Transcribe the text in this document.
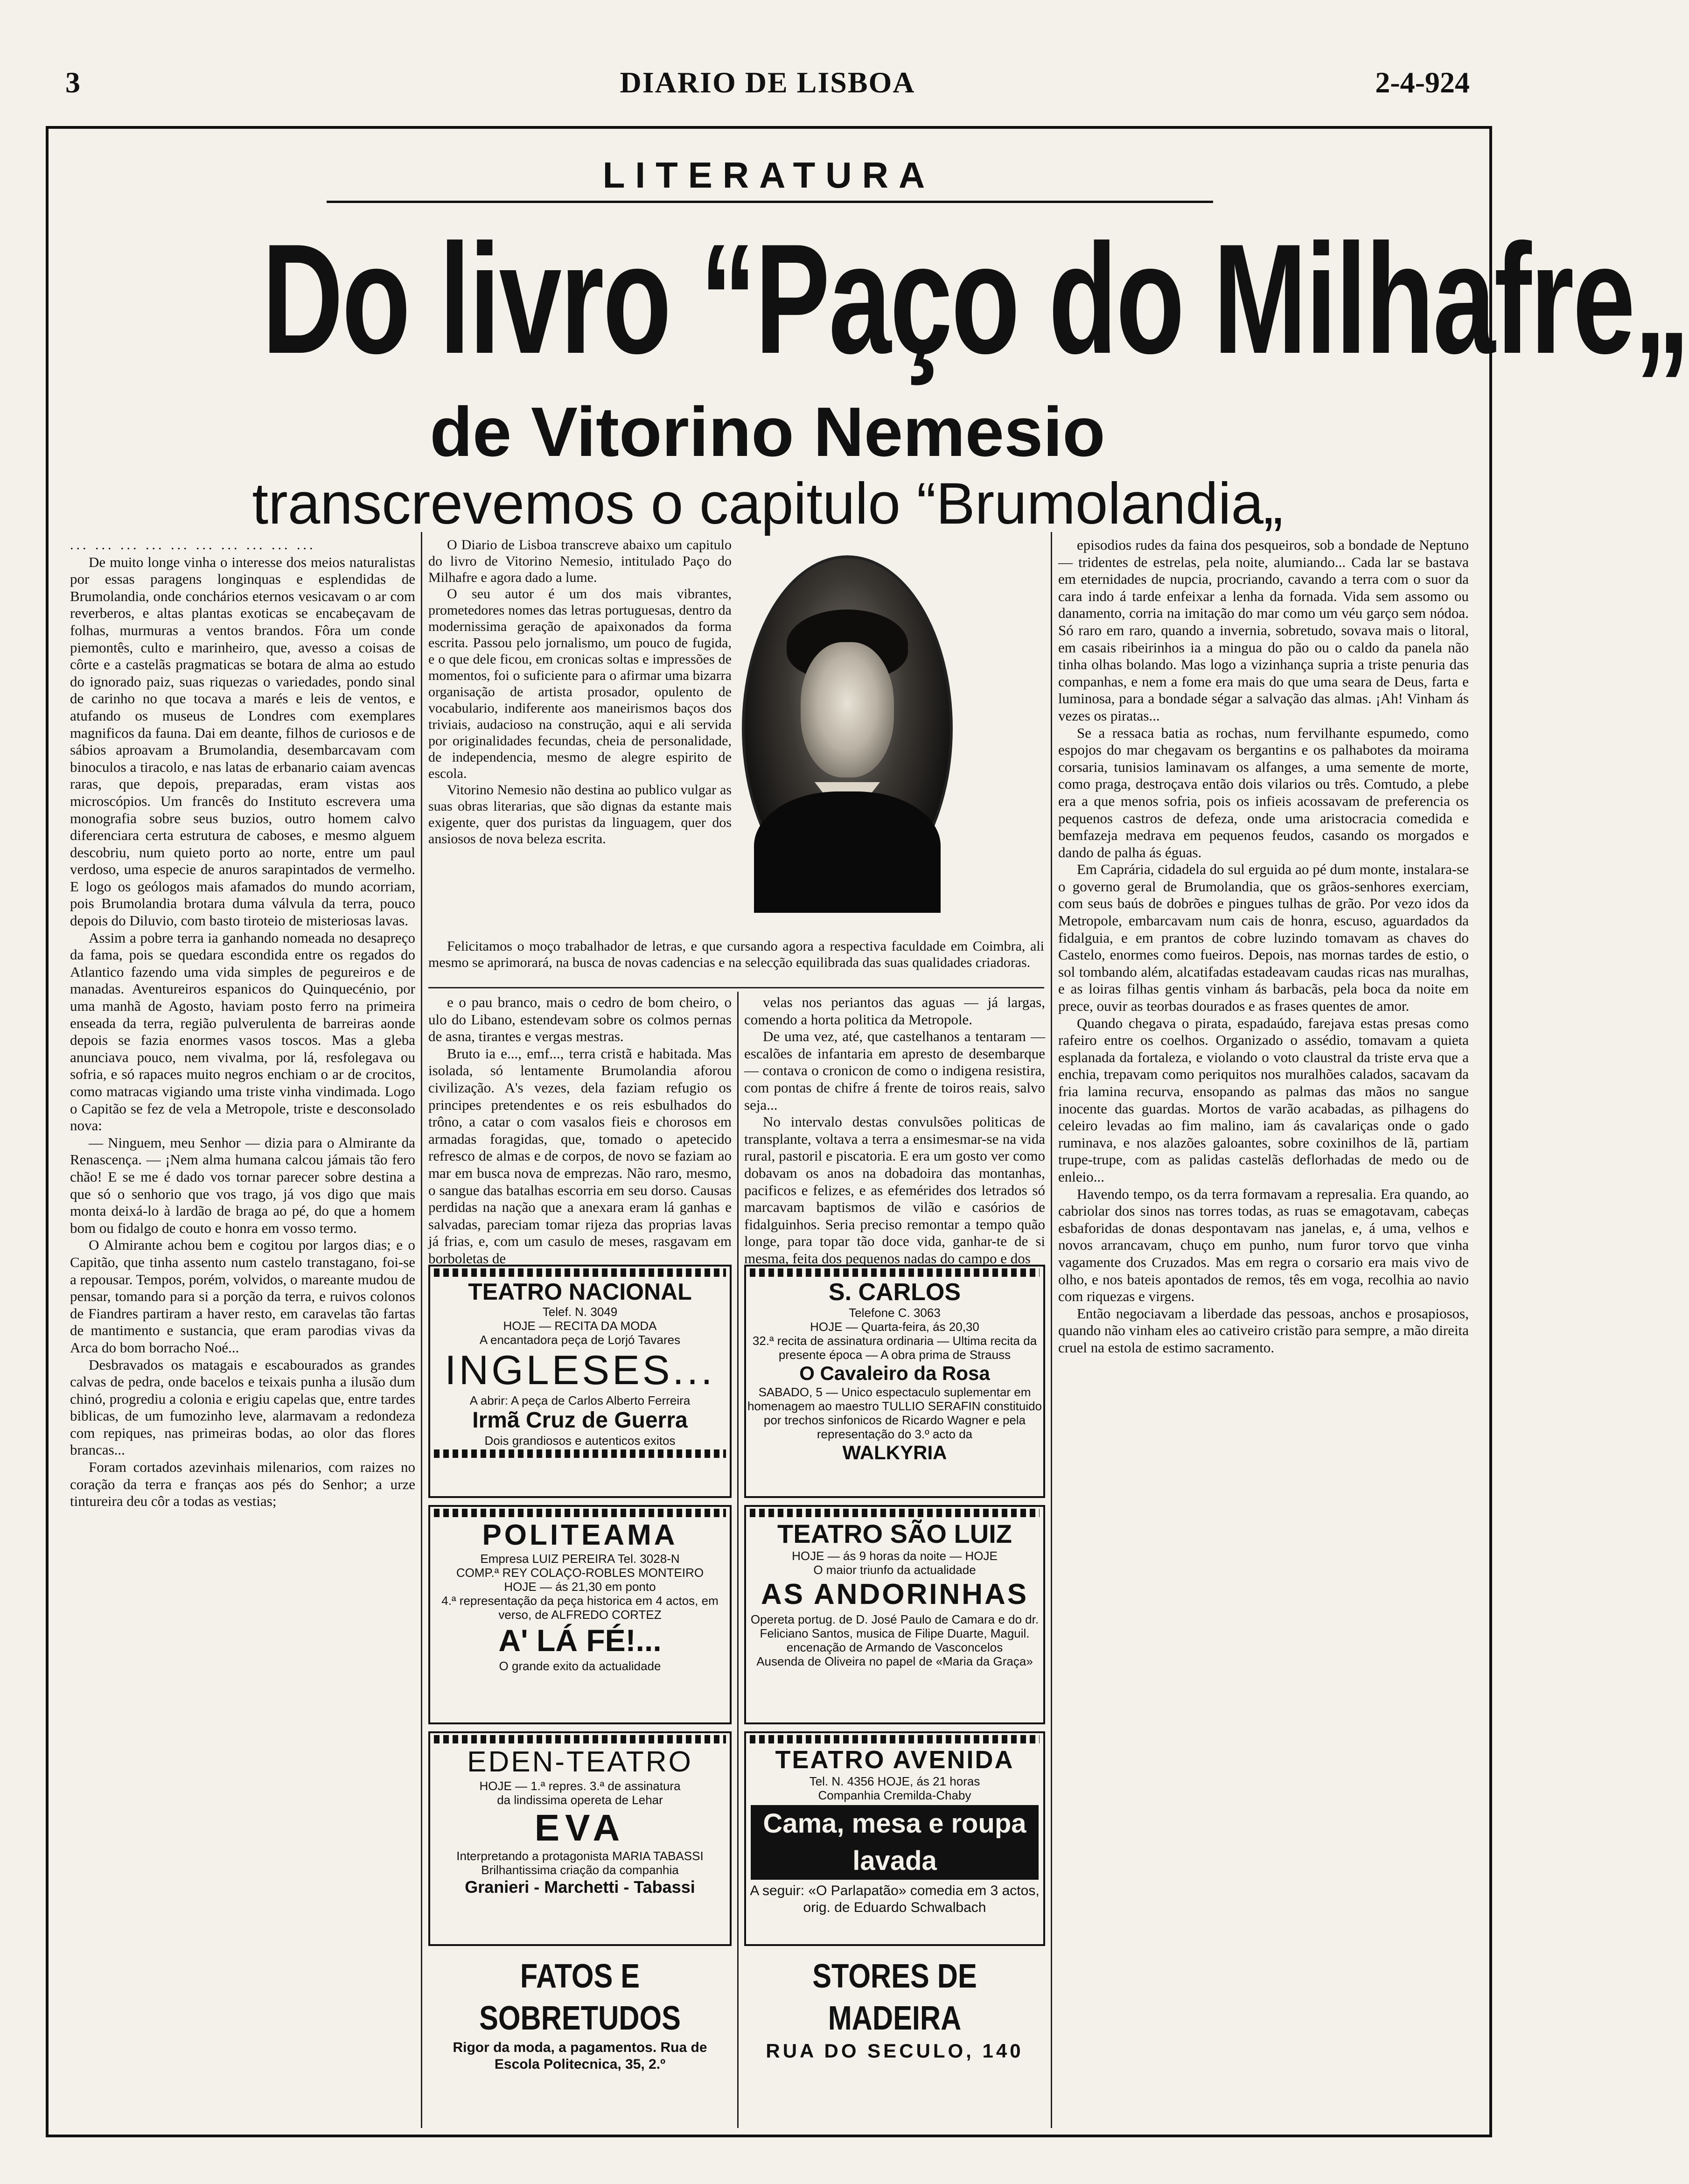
3	DIARIO DE LISBOA	2-4-924
LITERATURA
Do livro “Paço do Milhafre„
de Vitorino Nemesio
transcrevemos o capitulo “Brumolandia„
... ... ... ... ... ... ... ... ... ...

De muito longe vinha o interesse dos meios naturalistas por essas paragens longinquas e esplendidas de Brumolandia, onde conchários eternos vesicavam o ar com reverberos, e altas plantas exoticas se encabeçavam de folhas, murmuras a ventos brandos. Fôra um conde piemontês, culto e marinheiro, que, avesso a coisas de côrte e a castelãs pragmaticas se botara de alma ao estudo do ignorado paiz, suas riquezas o variedades, pondo sinal de carinho no que tocava a marés e leis de ventos, e atufando os museus de Londres com exemplares magnificos da fauna. Dai em deante, filhos de curiosos e de sábios aproavam a Brumolandia, desembarcavam com binoculos a tiracolo, e nas latas de erbanario caiam avencas raras, que depois, preparadas, eram vistas aos microscópios. Um francês do Instituto escrevera uma monografia sobre seus buzios, outro homem calvo diferenciara certa estrutura de caboses, e mesmo alguem descobriu, num quieto porto ao norte, entre um paul verdoso, uma especie de anuros sarapintados de vermelho. E logo os geólogos mais afamados do mundo acorriam, pois Brumolandia brotara duma válvula da terra, pouco depois do Diluvio, com basto tiroteio de misteriosas lavas.

Assim a pobre terra ia ganhando nomeada no desapreço da fama, pois se quedara escondida entre os regados do Atlantico fazendo uma vida simples de pegureiros e de manadas. Aventureiros espanicos do Quinquecénio, por uma manhã de Agosto, haviam posto ferro na primeira enseada da terra, região pulverulenta de barreiras aonde depois se fazia enormes vasos toscos. Mas a gleba anunciava pouco, nem vivalma, por lá, resfolegava ou sofria, e só rapaces muito negros enchiam o ar de crocitos, como matracas vigiando uma triste vinha vindimada. Logo o Capitão se fez de vela a Metropole, triste e desconsolado nova:

— Ninguem, meu Senhor — dizia para o Almirante da Renascença. — ¡Nem alma humana calcou jámais tão fero chão! E se me é dado vos tornar parecer sobre destina a que só o senhorio que vos trago, já vos digo que mais monta deixá-lo à lardão de braga ao pé, do que a homem bom ou fidalgo de couto e honra em vosso termo.

O Almirante achou bem e cogitou por largos dias; e o Capitão, que tinha assento num castelo transtagano, foi-se a repousar. Tempos, porém, volvidos, o mareante mudou de pensar, tomando para si a porção da terra, e ruivos colonos de Fiandres partiram a haver resto, em caravelas tão fartas de mantimento e sustancia, que eram parodias vivas da Arca do bom borracho Noé...

Desbravados os matagais e escabourados as grandes calvas de pedra, onde bacelos e teixais punha a ilusão dum chinó, progrediu a colonia e erigiu capelas que, entre tardes biblicas, de um fumozinho leve, alarmavam a redondeza com repiques, nas primeiras bodas, ao olor das flores brancas...

Foram cortados azevinhais milenarios, com raizes no coração da terra e franças aos pés do Senhor; a urze tintureira deu côr a todas as vestias;

O Diario de Lisboa transcreve abaixo um capitulo do livro de Vitorino Nemesio, intitulado Paço do Milhafre e agora dado a lume.

O seu autor é um dos mais vibrantes, prometedores nomes das letras portuguesas, dentro da modernissima geração de apaixonados da forma escrita. Passou pelo jornalismo, um pouco de fugida, e o que dele ficou, em cronicas soltas e impressões de momentos, foi o suficiente para o afirmar uma bizarra organisação de artista prosador, opulento de vocabulario, indiferente aos maneirismos baços dos triviais, audacioso na construção, aqui e ali servida por originalidades fecundas, cheia de personalidade, de independencia, mesmo de alegre espirito de escola.

Vitorino Nemesio não destina ao publico vulgar as suas obras literarias, que são dignas da estante mais exigente, quer dos puristas da linguagem, quer dos ansiosos de nova beleza escrita.

Felicitamos o moço trabalhador de letras, e que cursando agora a respectiva faculdade em Coimbra, ali mesmo se aprimorará, na busca de novas cadencias e na selecção equilibrada das suas qualidades criadoras.

e o pau branco, mais o cedro de bom cheiro, o ulo do Libano, estendevam sobre os colmos pernas de asna, tirantes e vergas mestras.

Bruto ia e..., emf..., terra cristã e habitada. Mas isolada, só lentamente Brumolandia aforou civilização. A's vezes, dela faziam refugio os principes pretendentes e os reis esbulhados do trôno, a catar o com vasalos fieis e chorosos em armadas foragidas, que, tomado o apetecido refresco de almas e de corpos, de novo se faziam ao mar em busca nova de emprezas. Não raro, mesmo, o sangue das batalhas escorria em seu dorso. Causas perdidas na nação que a anexara eram lá ganhas e salvadas, pareciam tomar rijeza das proprias lavas já frias, e, com um casulo de meses, rasgavam em borboletas de

velas nos periantos das aguas — já largas, comendo a horta politica da Metropole.

De uma vez, até, que castelhanos a tentaram — escalões de infantaria em apresto de desembarque — contava o cronicon de como o indigena resistira, com pontas de chifre á frente de toiros reais, salvo seja...

No intervalo destas convulsões politicas de transplante, voltava a terra a ensimesmar-se na vida rural, pastoril e piscatoria. E era um gosto ver como dobavam os anos na dobadoira das montanhas, pacificos e felizes, e as efemérides dos letrados só marcavam baptismos de vilão e casórios de fidalguinhos. Seria preciso remontar a tempo quão longe, para topar tão doce vida, ganhar-te de si mesma, feita dos pequenos nadas do campo e dos

episodios rudes da faina dos pesqueiros, sob a bondade de Neptuno — tridentes de estrelas, pela noite, alumiando... Cada lar se bastava em eternidades de nupcia, procriando, cavando a terra com o suor da cara indo á tarde enfeixar a lenha da fornada. Vida sem assomo ou danamento, corria na imitação do mar como um véu garço sem nódoa. Só raro em raro, quando a invernia, sobretudo, sovava mais o litoral, em casais ribeirinhos ia a mingua do pão ou o caldo da panela não tinha olhas bolando. Mas logo a vizinhança supria a triste penuria das companhas, e nem a fome era mais do que uma seara de Deus, farta e luminosa, para a bondade ségar a salvação das almas. ¡Ah! Vinham ás vezes os piratas...

Se a ressaca batia as rochas, num fervilhante espumedo, como espojos do mar chegavam os bergantins e os palhabotes da moirama corsaria, tunisios laminavam os alfanges, a uma semente de morte, como praga, destroçava então dois vilarios ou três. Comtudo, a plebe era a que menos sofria, pois os infieis acossavam de preferencia os pequenos castros de defeza, onde uma aristocracia comedida e bemfazeja medrava em pequenos feudos, casando os morgados e dando de palha ás éguas.

Em Caprária, cidadela do sul erguida ao pé dum monte, instalara-se o governo geral de Brumolandia, que os grãos-senhores exerciam, com seus baús de dobrões e pingues tulhas de grão. Por vezo idos da Metropole, embarcavam num cais de honra, escuso, aguardados da fidalguia, e em prantos de cobre luzindo tomavam as chaves do Castelo, enormes como fueiros. Depois, nas mornas tardes de estio, o sol tombando além, alcatifadas estadeavam caudas ricas nas muralhas, e as loiras filhas gentis vinham ás barbacãs, pela boca da noite em prece, ouvir as teorbas dourados e as frases quentes de amor.

Quando chegava o pirata, espadaúdo, farejava estas presas como rafeiro entre os coelhos. Organizado o assédio, tomavam a quieta esplanada da fortaleza, e violando o voto claustral da triste erva que a enchia, trepavam como periquitos nos muralhões calados, sacavam da fria lamina recurva, ensopando as palmas das mãos no sangue inocente das guardas. Mortos de varão acabadas, as pilhagens do celeiro levadas ao fim malino, iam ás cavalariças onde o gado ruminava, e nos alazões galoantes, sobre coxinilhos de lã, partiam trupe-trupe, com as palidas castelãs deflorhadas de medo ou de enleio...

Havendo tempo, os da terra formavam a represalia. Era quando, ao cabriolar dos sinos nas torres todas, as ruas se emagotavam, cabeças esbaforidas de donas despontavam nas janelas, e, á uma, velhos e novos arrancavam, chuço em punho, num furor torvo que vinha vagamente dos Cruzados. Mas em regra o corsario era mais vivo de olho, e nos bateis apontados de remos, tês em voga, recolhia ao navio com riquezas e virgens.

Então negociavam a liberdade das pessoas, anchos e prosapiosos, quando não vinham eles ao cativeiro cristão para sempre, a mão direita cruel na estola de estimo sacramento.

TEATRO NACIONAL
Telef. N. 3049
HOJE — RECITA DA MODA
A encantadora peça de Lorjó Tavares
INGLESES...
A abrir: A peça de Carlos Alberto Ferreira
Irmã Cruz de Guerra
Dois grandiosos e autenticos exitos
S. CARLOS
Telefone C. 3063
HOJE — Quarta-feira, ás 20,30
32.ª recita de assinatura ordinaria — Ultima recita da presente época — A obra prima de Strauss
O Cavaleiro da Rosa
SABADO, 5 — Unico espectaculo suplementar em homenagem ao maestro TULLIO SERAFIN constituido por trechos sinfonicos de Ricardo Wagner e pela representação do 3.º acto da
WALKYRIA
POLITEAMA
Empresa LUIZ PEREIRA Tel. 3028-N
COMP.ª REY COLAÇO-ROBLES MONTEIRO
HOJE — ás 21,30 em ponto
4.ª representação da peça historica em 4 actos, em verso, de ALFREDO CORTEZ
A' LÁ FÉ!...
O grande exito da actualidade
TEATRO SÃO LUIZ
HOJE — ás 9 horas da noite — HOJE
O maior triunfo da actualidade
AS ANDORINHAS
Opereta portug. de D. José Paulo de Camara e do dr. Feliciano Santos, musica de Filipe Duarte, Maguil. encenação de Armando de Vasconcelos
Ausenda de Oliveira no papel de «Maria da Graça»
EDEN-TEATRO
HOJE — 1.ª repres. 3.ª de assinatura
da lindissima opereta de Lehar
EVA
Interpretando a protagonista MARIA TABASSI
Brilhantissima criação da companhia
Granieri - Marchetti - Tabassi
TEATRO AVENIDA
Tel. N. 4356 HOJE, ás 21 horas
Companhia Cremilda-Chaby
Cama, mesa e roupa lavada
A seguir: «O Parlapatão» comedia em 3 actos, orig. de Eduardo Schwalbach
FATOS E SOBRETUDOS
Rigor da moda, a pagamentos. Rua de Escola Politecnica, 35, 2.º
STORES DE MADEIRA
RUA DO SECULO, 140
